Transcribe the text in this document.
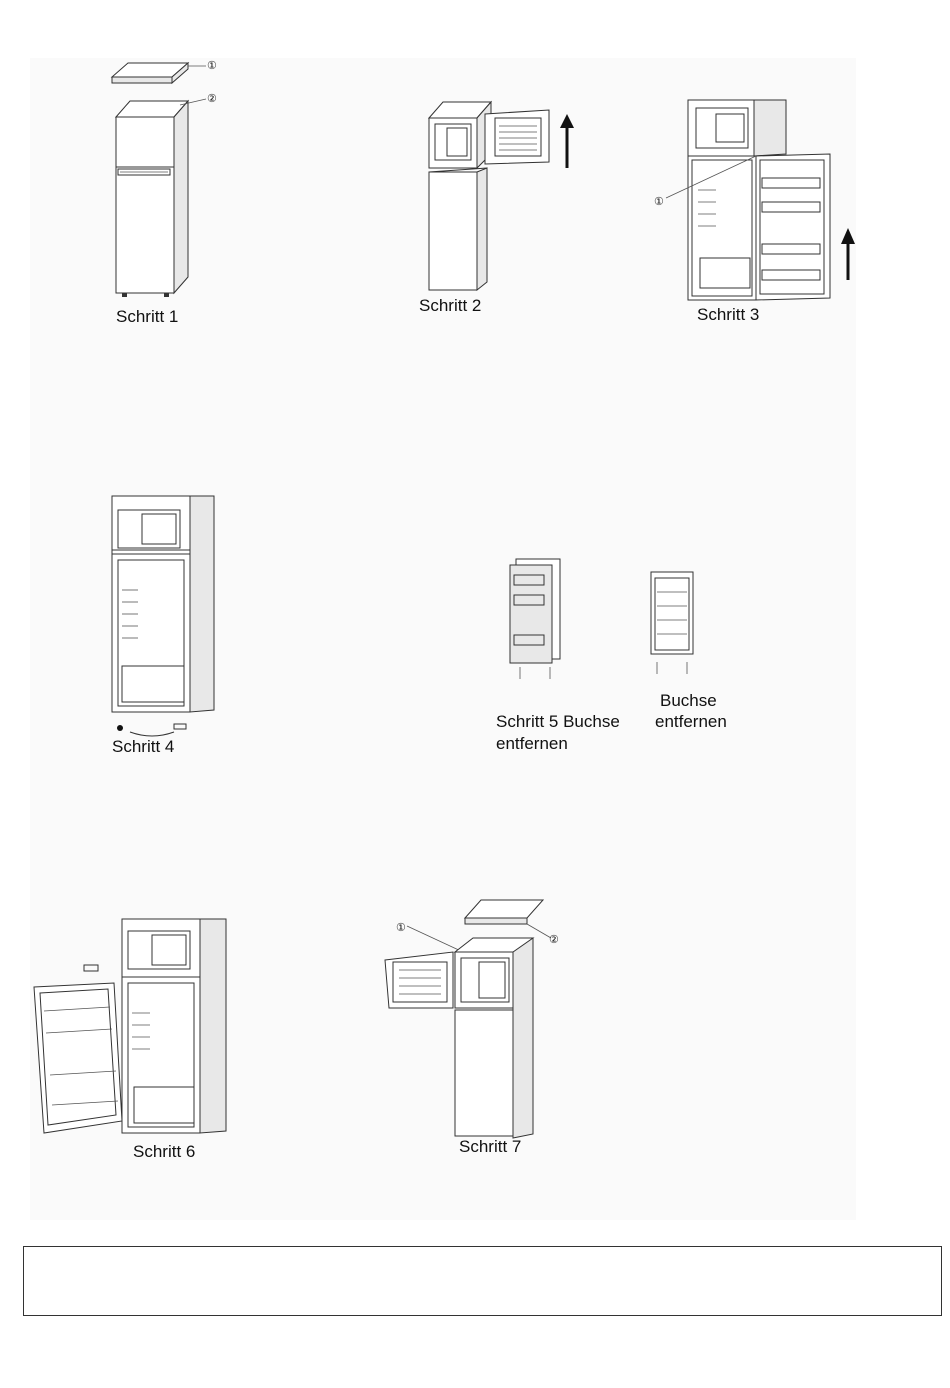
①
②
Schritt 1
Schritt 2
①
Schritt 3
Schritt 4
Schritt 5 Buchse
entfernen
Buchse
entfernen
Schritt 6
①
②
Schritt 7
